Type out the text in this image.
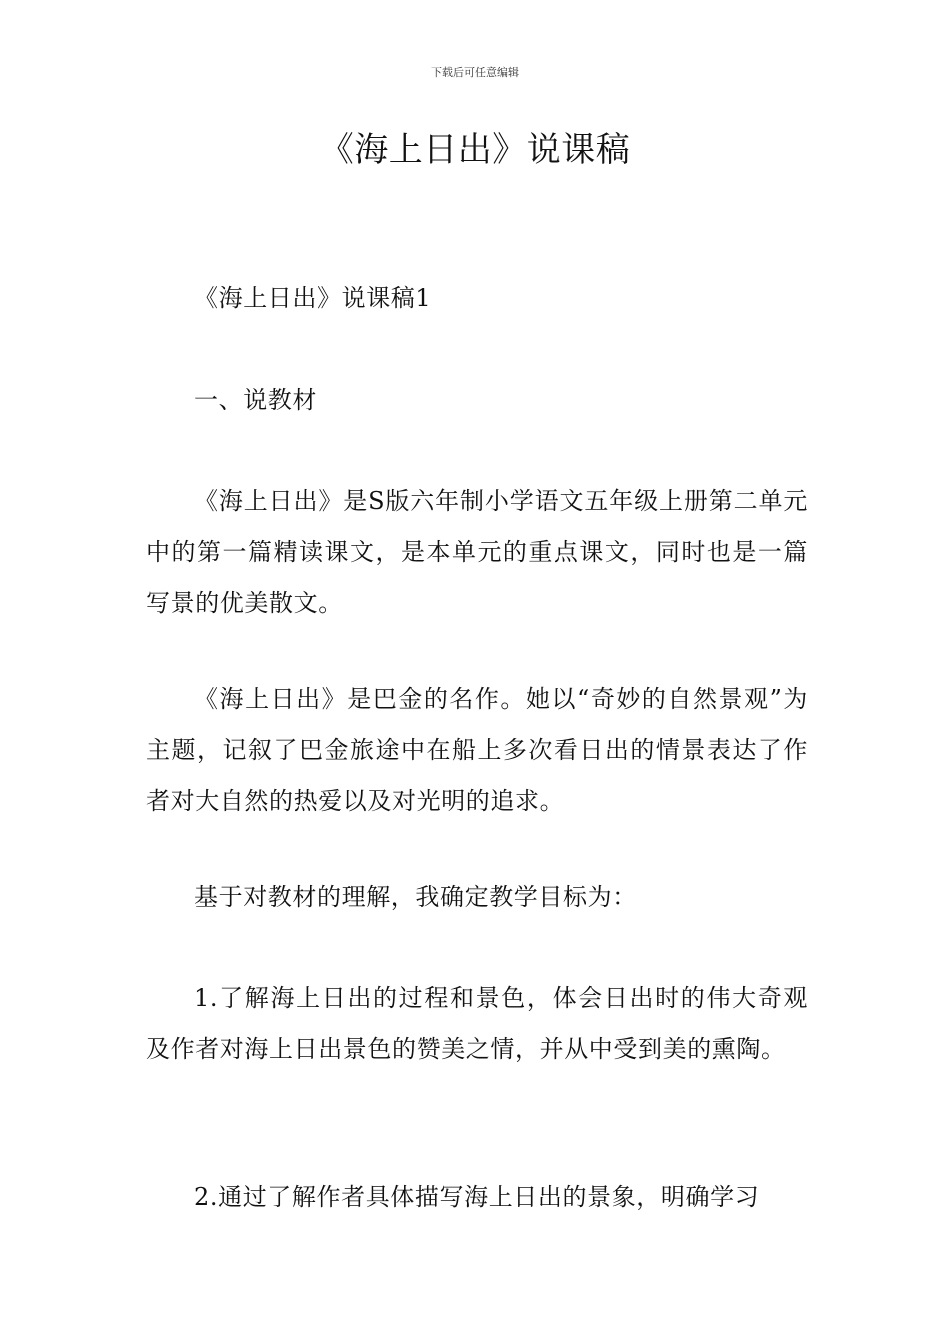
下载后可任意编辑
《海上日出》说课稿
《海上日出》说课稿1
一、说教材
《海上日出》是S版六年制小学语文五年级上册第二单元中的第一篇精读课文，是本单元的重点课文，同时也是一篇写景的优美散文。
《海上日出》是巴金的名作。她以“奇妙的自然景观”为主题，记叙了巴金旅途中在船上多次看日出的情景表达了作者对大自然的热爱以及对光明的追求。
基于对教材的理解，我确定教学目标为：
1.了解海上日出的过程和景色，体会日出时的伟大奇观及作者对海上日出景色的赞美之情，并从中受到美的熏陶。
2.通过了解作者具体描写海上日出的景象，明确学习
